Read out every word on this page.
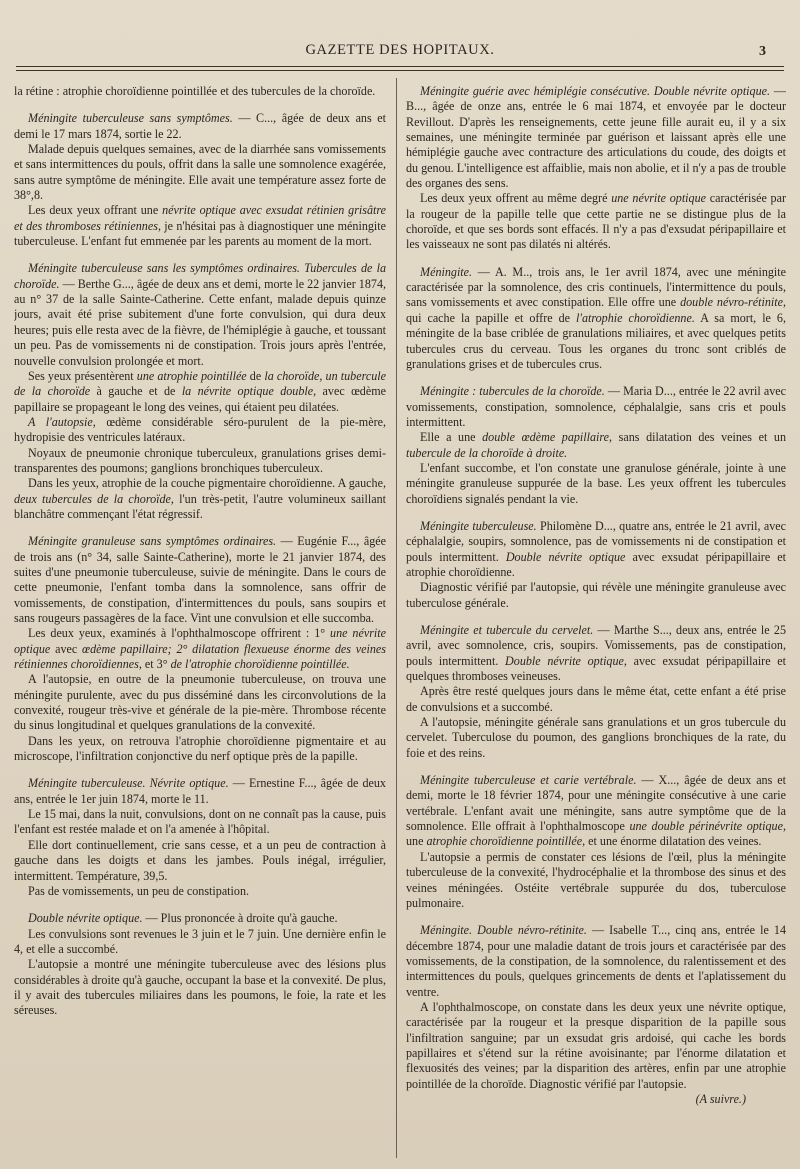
GAZETTE DES HOPITAUX.	3

la rétine : atrophie choroïdienne pointillée et des tubercules de la choroïde.

Méningite tuberculeuse sans symptômes. — C..., âgée de deux ans et demi le 17 mars 1874, sortie le 22.

Malade depuis quelques semaines, avec de la diarrhée sans vomissements et sans intermittences du pouls, offrit dans la salle une somnolence exagérée, sans autre symptôme de méningite. Elle avait une température assez forte de 38°,8.

Les deux yeux offrant une névrite optique avec exsudat rétinien grisâtre et des thromboses rétiniennes, je n'hésitai pas à diagnostiquer une méningite tuberculeuse. L'enfant fut emmenée par les parents au moment de la mort.

Méningite tuberculeuse sans les symptômes ordinaires. Tubercules de la choroïde. — Berthe G..., âgée de deux ans et demi, morte le 22 janvier 1874, au n° 37 de la salle Sainte-Catherine. Cette enfant, malade depuis quinze jours, avait été prise subitement d'une forte convulsion, qui dura deux heures; puis elle resta avec de la fièvre, de l'hémiplégie à gauche, et toussant un peu. Pas de vomissements ni de constipation. Trois jours après l'entrée, nouvelle convulsion prolongée et mort.

Ses yeux présentèrent une atrophie pointillée de la choroïde, un tubercule de la choroïde à gauche et de la névrite optique double, avec œdème papillaire se propageant le long des veines, qui étaient peu dilatées.

A l'autopsie, œdème considérable séro-purulent de la pie-mère, hydropisie des ventricules latéraux.

Noyaux de pneumonie chronique tuberculeux, granulations grises demi-transparentes des poumons; ganglions bronchiques tuberculeux.

Dans les yeux, atrophie de la couche pigmentaire choroïdienne. A gauche, deux tubercules de la choroïde, l'un très-petit, l'autre volumineux saillant blanchâtre commençant l'état régressif.

Méningite granuleuse sans symptômes ordinaires. — Eugénie F..., âgée de trois ans (n° 34, salle Sainte-Catherine), morte le 21 janvier 1874, des suites d'une pneumonie tuberculeuse, suivie de méningite. Dans le cours de cette pneumonie, l'enfant tomba dans la somnolence, sans offrir de vomissements, de constipation, d'intermittences du pouls, sans soupirs et sans rougeurs passagères de la face. Vint une convulsion et elle succomba.

Les deux yeux, examinés à l'ophthalmoscope offrirent : 1° une névrite optique avec œdème papillaire; 2° dilatation flexueuse énorme des veines rétiniennes choroïdiennes, et 3° de l'atrophie choroïdienne pointillée.

A l'autopsie, en outre de la pneumonie tuberculeuse, on trouva une méningite purulente, avec du pus disséminé dans les circonvolutions de la convexité, rougeur très-vive et générale de la pie-mère. Thrombose récente du sinus longitudinal et quelques granulations de la convexité.

Dans les yeux, on retrouva l'atrophie choroïdienne pigmentaire et au microscope, l'infiltration conjonctive du nerf optique près de la papille.

Méningite tuberculeuse. Névrite optique. — Ernestine F..., âgée de deux ans, entrée le 1er juin 1874, morte le 11.

Le 15 mai, dans la nuit, convulsions, dont on ne connaît pas la cause, puis l'enfant est restée malade et on l'a amenée à l'hôpital.

Elle dort continuellement, crie sans cesse, et a un peu de contraction à gauche dans les doigts et dans les jambes. Pouls inégal, irrégulier, intermittent. Température, 39,5.

Pas de vomissements, un peu de constipation.

Double névrite optique. — Plus prononcée à droite qu'à gauche.

Les convulsions sont revenues le 3 juin et le 7 juin. Une dernière enfin le 4, et elle a succombé.

L'autopsie a montré une méningite tuberculeuse avec des lésions plus considérables à droite qu'à gauche, occupant la base et la convexité. De plus, il y avait des tubercules miliaires dans les poumons, le foie, la rate et les séreuses.

Méningite guérie avec hémiplégie consécutive. Double névrite optique. — B..., âgée de onze ans, entrée le 6 mai 1874, et envoyée par le docteur Revillout. D'après les renseignements, cette jeune fille aurait eu, il y a six semaines, une méningite terminée par guérison et laissant après elle une hémiplégie gauche avec contracture des articulations du coude, des doigts et du genou. L'intelligence est affaiblie, mais non abolie, et il n'y a pas de trouble des organes des sens.

Les deux yeux offrent au même degré une névrite optique caractérisée par la rougeur de la papille telle que cette partie ne se distingue plus de la choroïde, et que ses bords sont effacés. Il n'y a pas d'exsudat péripapillaire et les vaisseaux ne sont pas dilatés ni altérés.

Méningite. — A. M.., trois ans, le 1er avril 1874, avec une méningite caractérisée par la somnolence, des cris continuels, l'intermittence du pouls, sans vomissements et avec constipation. Elle offre une double névro-rétinite, qui cache la papille et offre de l'atrophie choroïdienne. A sa mort, le 6, méningite de la base criblée de granulations miliaires, et avec quelques petits tubercules crus du cerveau. Tous les organes du tronc sont criblés de granulations grises et de tubercules crus.

Méningite : tubercules de la choroïde. — Maria D..., entrée le 22 avril avec vomissements, constipation, somnolence, céphalalgie, sans cris et pouls intermittent.

Elle a une double œdème papillaire, sans dilatation des veines et un tubercule de la choroïde à droite.

L'enfant succombe, et l'on constate une granulose générale, jointe à une méningite granuleuse suppurée de la base. Les yeux offrent les tubercules choroïdiens signalés pendant la vie.

Méningite tuberculeuse. Philomène D..., quatre ans, entrée le 21 avril, avec céphalalgie, soupirs, somnolence, pas de vomissements ni de constipation et pouls intermittent. Double névrite optique avec exsudat péripapillaire et atrophie choroïdienne.

Diagnostic vérifié par l'autopsie, qui révèle une méningite granuleuse avec tuberculose générale.

Méningite et tubercule du cervelet. — Marthe S..., deux ans, entrée le 25 avril, avec somnolence, cris, soupirs. Vomissements, pas de constipation, pouls intermittent. Double névrite optique, avec exsudat péripapillaire et quelques thromboses veineuses.

Après être resté quelques jours dans le même état, cette enfant a été prise de convulsions et a succombé.

A l'autopsie, méningite générale sans granulations et un gros tubercule du cervelet. Tuberculose du poumon, des ganglions bronchiques de la rate, du foie et des reins.

Méningite tuberculeuse et carie vertébrale. — X..., âgée de deux ans et demi, morte le 18 février 1874, pour une méningite consécutive à une carie vertébrale. L'enfant avait une méningite, sans autre symptôme que de la somnolence. Elle offrait à l'ophthalmoscope une double périnévrite optique, une atrophie choroïdienne pointillée, et une énorme dilatation des veines.

L'autopsie a permis de constater ces lésions de l'œil, plus la méningite tuberculeuse de la convexité, l'hydrocéphalie et la thrombose des sinus et des veines méningées. Ostéite vertébrale suppurée du dos, tuberculose pulmonaire.

Méningite. Double névro-rétinite. — Isabelle T..., cinq ans, entrée le 14 décembre 1874, pour une maladie datant de trois jours et caractérisée par des vomissements, de la constipation, de la somnolence, du ralentissement et des intermittences du pouls, quelques grincements de dents et l'aplatissement du ventre.

A l'ophthalmoscope, on constate dans les deux yeux une névrite optique, caractérisée par la rougeur et la presque disparition de la papille sous l'infiltration sanguine; par un exsudat gris ardoisé, qui cache les bords papillaires et s'étend sur la rétine avoisinante; par l'énorme dilatation et flexuosités des veines; par la disparition des artères, enfin par une atrophie pointillée de la choroïde. Diagnostic vérifié par l'autopsie.
(A suivre.)
